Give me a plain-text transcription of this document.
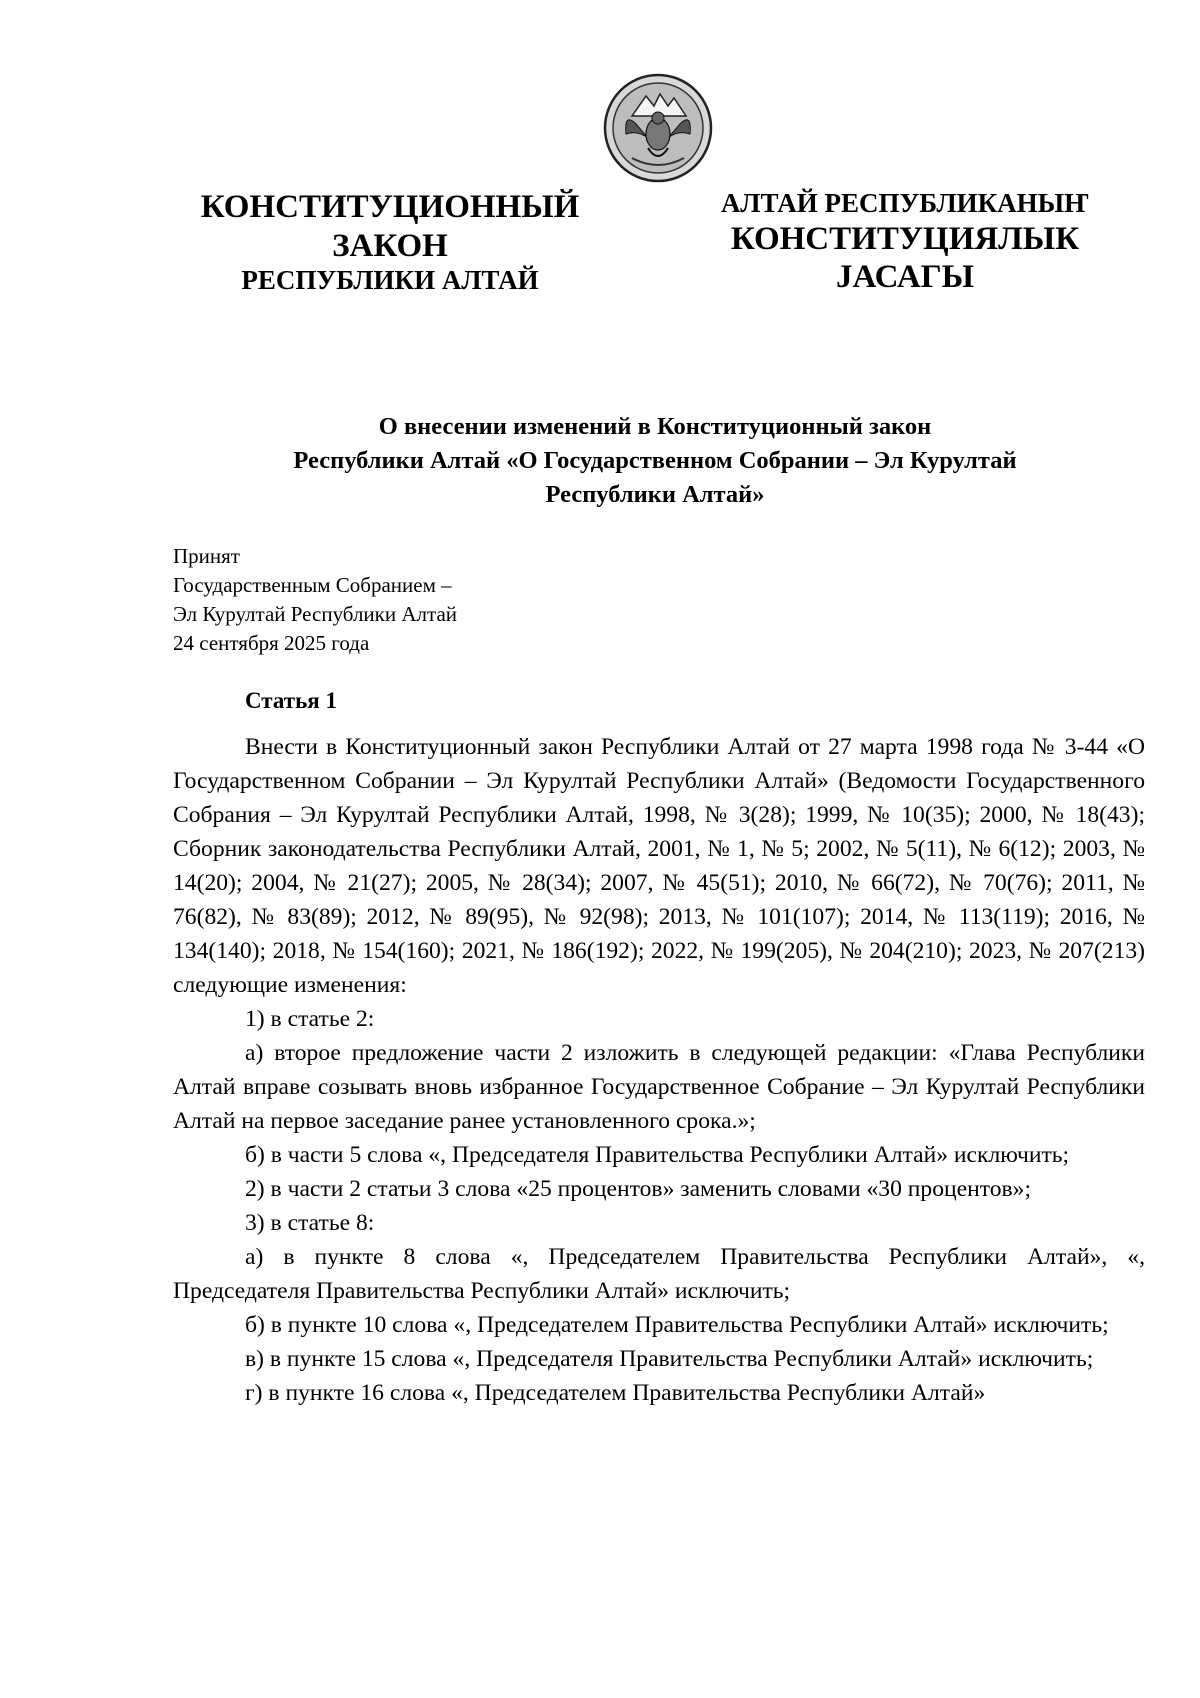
КОНСТИТУЦИОННЫЙ
ЗАКОН
РЕСПУБЛИКИ АЛТАЙ
АЛТАЙ РЕСПУБЛИКАНЫҤ
КОНСТИТУЦИЯЛЫК
JАСАГЫ
О внесении изменений в Конституционный закон
Республики Алтай «О Государственном Собрании – Эл Курултай
Республики Алтай»
Принят
Государственным Собранием –
Эл Курултай Республики Алтай
24 сентября 2025 года
Статья 1

Внести в Конституционный закон Республики Алтай от 27 марта 1998 года № 3-44 «О Государственном Собрании – Эл Курултай Республики Алтай» (Ведомости Государственного Собрания – Эл Курултай Республики Алтай, 1998, № 3(28); 1999, № 10(35); 2000, № 18(43); Сборник законодательства Республики Алтай, 2001, № 1, № 5; 2002, № 5(11), № 6(12); 2003, № 14(20); 2004, № 21(27); 2005, № 28(34); 2007, № 45(51); 2010, № 66(72), № 70(76); 2011, № 76(82), № 83(89); 2012, № 89(95), № 92(98); 2013, № 101(107); 2014, № 113(119); 2016, № 134(140); 2018, № 154(160); 2021, № 186(192); 2022, № 199(205), № 204(210); 2023, № 207(213) следующие изменения:

1) в статье 2:

а) второе предложение части 2 изложить в следующей редакции: «Глава Республики Алтай вправе созывать вновь избранное Государственное Собрание – Эл Курултай Республики Алтай на первое заседание ранее установленного срока.»;

б) в части 5 слова «, Председателя Правительства Республики Алтай» исключить;

2) в части 2 статьи 3 слова «25 процентов» заменить словами «30 процентов»;

3) в статье 8:

а) в пункте 8 слова «, Председателем Правительства Республики Алтай», «, Председателя Правительства Республики Алтай» исключить;

б) в пункте 10 слова «, Председателем Правительства Республики Алтай» исключить;

в) в пункте 15 слова «, Председателя Правительства Республики Алтай» исключить;

г) в пункте 16 слова «, Председателем Правительства Республики Алтай»
